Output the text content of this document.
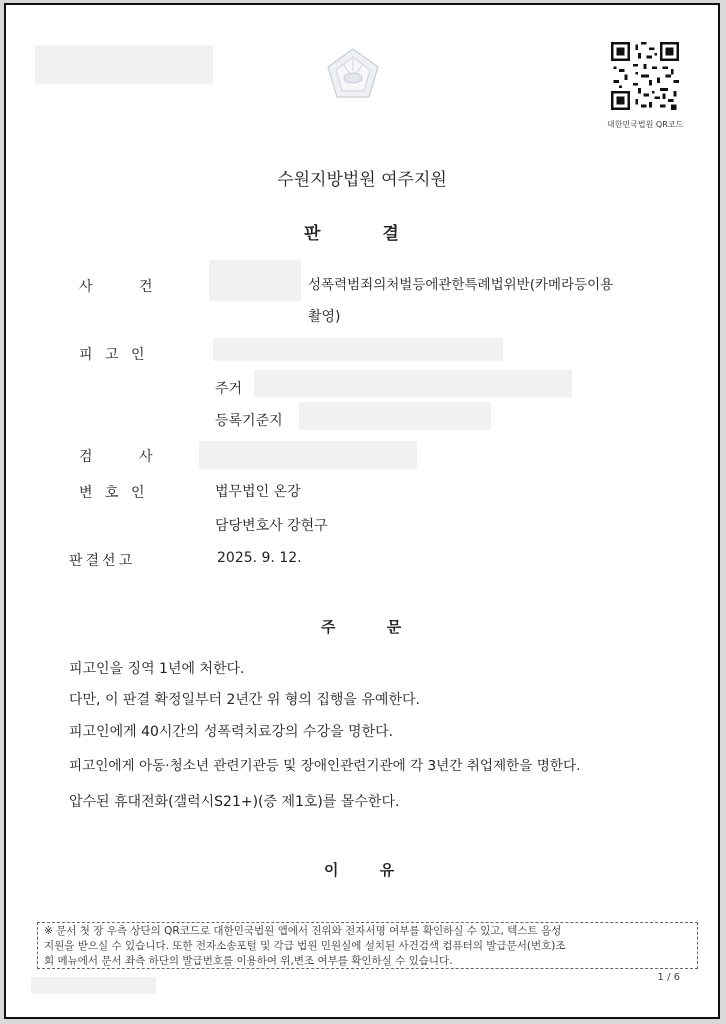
대한민국법원 QR코드
수원지방법원 여주지원
판 결
사 건	성폭력범죄의처벌등에관한특례법위반(카메라등이용
촬영)
피 고 인
주거
등록기준지
검 사
변 호 인	법무법인 온강
담당변호사 강현구
판결선고	2025. 9. 12.
주 문
피고인을 징역 1년에 처한다.
다만, 이 판결 확정일부터 2년간 위 형의 집행을 유예한다.
피고인에게 40시간의 성폭력치료강의 수강을 명한다.
피고인에게 아동·청소년 관련기관등 및 장애인관련기관에 각 3년간 취업제한을 명한다.
압수된 휴대전화(갤럭시S21+)(증 제1호)를 몰수한다.
이 유
※ 문서 첫 장 우측 상단의 QR코드로 대한민국법원 앱에서 진위와 전자서명 여부를 확인하실 수 있고, 텍스트 음성
지원을 받으실 수 있습니다. 또한 전자소송포털 및 각급 법원 민원실에 설치된 사건검색 컴퓨터의 발급문서(번호)조
회 메뉴에서 문서 좌측 하단의 발급번호를 이용하여 위,변조 여부를 확인하실 수 있습니다.
1 / 6
